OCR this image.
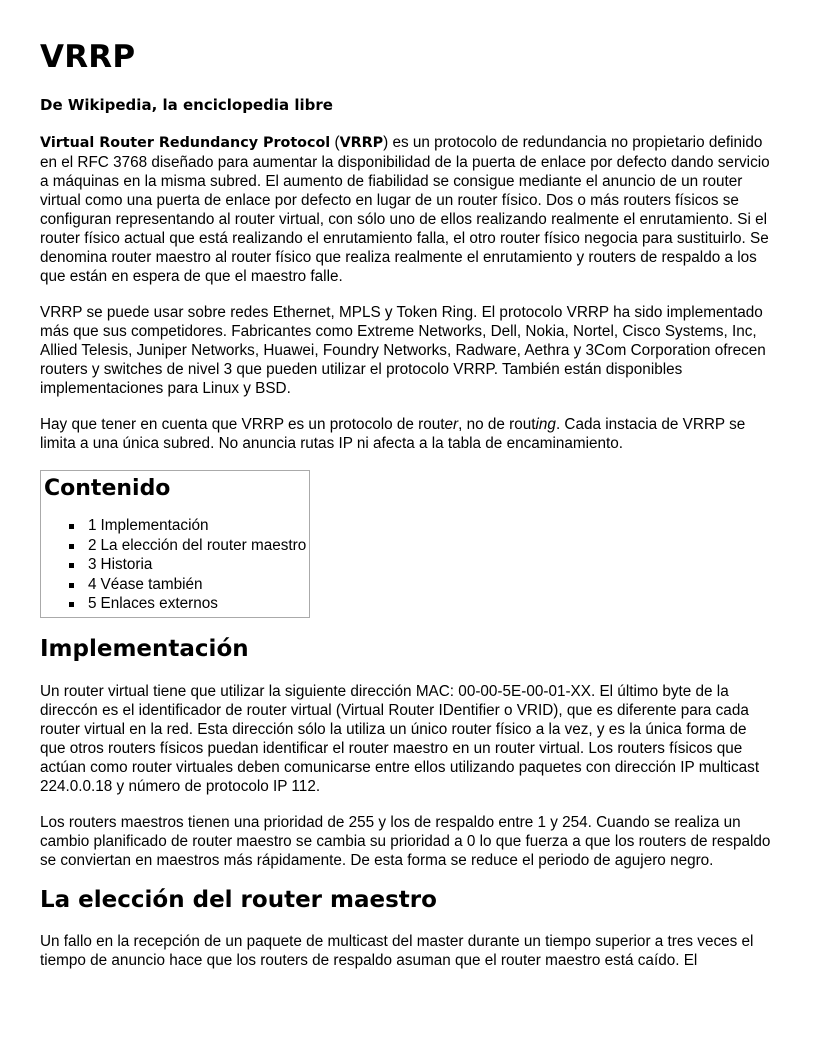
VRRP
De Wikipedia, la enciclopedia libre

Virtual Router Redundancy Protocol (VRRP) es un protocolo de redundancia no propietario definido en el RFC 3768 diseñado para aumentar la disponibilidad de la puerta de enlace por defecto dando servicio a máquinas en la misma subred. El aumento de fiabilidad se consigue mediante el anuncio de un router virtual como una puerta de enlace por defecto en lugar de un router físico. Dos o más routers físicos se configuran representando al router virtual, con sólo uno de ellos realizando realmente el enrutamiento. Si el router físico actual que está realizando el enrutamiento falla, el otro router físico negocia para sustituirlo. Se denomina router maestro al router físico que realiza realmente el enrutamiento y routers de respaldo a los que están en espera de que el maestro falle.

VRRP se puede usar sobre redes Ethernet, MPLS y Token Ring. El protocolo VRRP ha sido implementado más que sus competidores. Fabricantes como Extreme Networks, Dell, Nokia, Nortel, Cisco Systems, Inc, Allied Telesis, Juniper Networks, Huawei, Foundry Networks, Radware, Aethra y 3Com Corporation ofrecen routers y switches de nivel 3 que pueden utilizar el protocolo VRRP. También están disponibles implementaciones para Linux y BSD.

Hay que tener en cuenta que VRRP es un protocolo de router, no de routing. Cada instacia de VRRP se limita a una única subred. No anuncia rutas IP ni afecta a la tabla de encaminamiento.

Contenido
1 Implementación
2 La elección del router maestro
3 Historia
4 Véase también
5 Enlaces externos
Implementación

Un router virtual tiene que utilizar la siguiente dirección MAC: 00-00-5E-00-01-XX. El último byte de la direccón es el identificador de router virtual (Virtual Router IDentifier o VRID), que es diferente para cada router virtual en la red. Esta dirección sólo la utiliza un único router físico a la vez, y es la única forma de que otros routers físicos puedan identificar el router maestro en un router virtual. Los routers físicos que actúan como router virtuales deben comunicarse entre ellos utilizando paquetes con dirección IP multicast 224.0.0.18 y número de protocolo IP 112.

Los routers maestros tienen una prioridad de 255 y los de respaldo entre 1 y 254. Cuando se realiza un cambio planificado de router maestro se cambia su prioridad a 0 lo que fuerza a que los routers de respaldo se conviertan en maestros más rápidamente. De esta forma se reduce el periodo de agujero negro.

La elección del router maestro

Un fallo en la recepción de un paquete de multicast del master durante un tiempo superior a tres veces el tiempo de anuncio hace que los routers de respaldo asuman que el router maestro está caído. El
